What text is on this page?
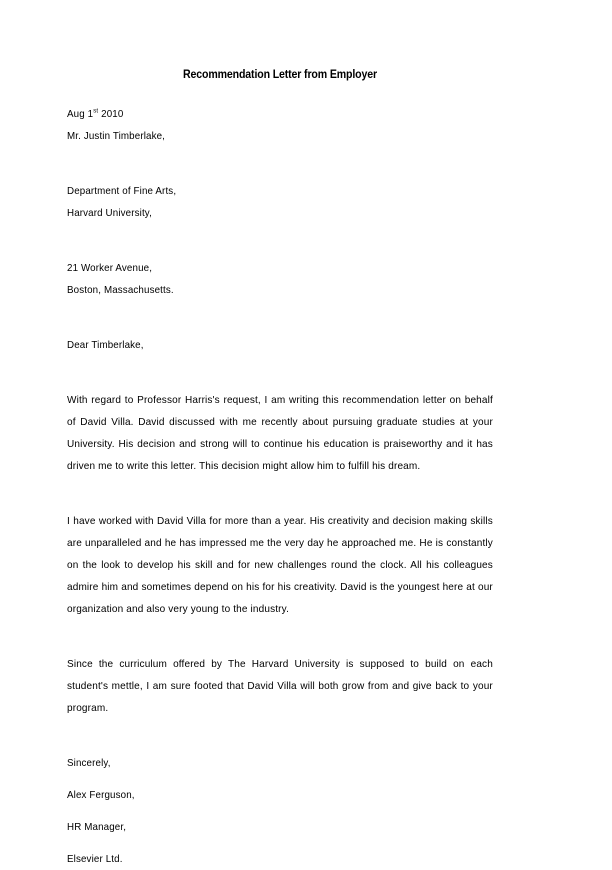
Recommendation Letter from Employer
Aug 1st 2010
Mr. Justin Timberlake,
Department of Fine Arts,
Harvard University,
21 Worker Avenue,
Boston, Massachusetts.
Dear Timberlake,

With regard to Professor Harris's request, I am writing this recommendation letter on behalf of David Villa. David discussed with me recently about pursuing graduate studies at your University. His decision and strong will to continue his education is praiseworthy and it has driven me to write this letter. This decision might allow him to fulfill his dream.

I have worked with David Villa for more than a year. His creativity and decision making skills are unparalleled and he has impressed me the very day he approached me. He is constantly on the look to develop his skill and for new challenges round the clock. All his colleagues admire him and sometimes depend on his for his creativity. David is the youngest here at our organization and also very young to the industry.

Since the curriculum offered by The Harvard University is supposed to build on each student's mettle, I am sure footed that David Villa will both grow from and give back to your program.

Sincerely,
Alex Ferguson,
HR Manager,
Elsevier Ltd.
